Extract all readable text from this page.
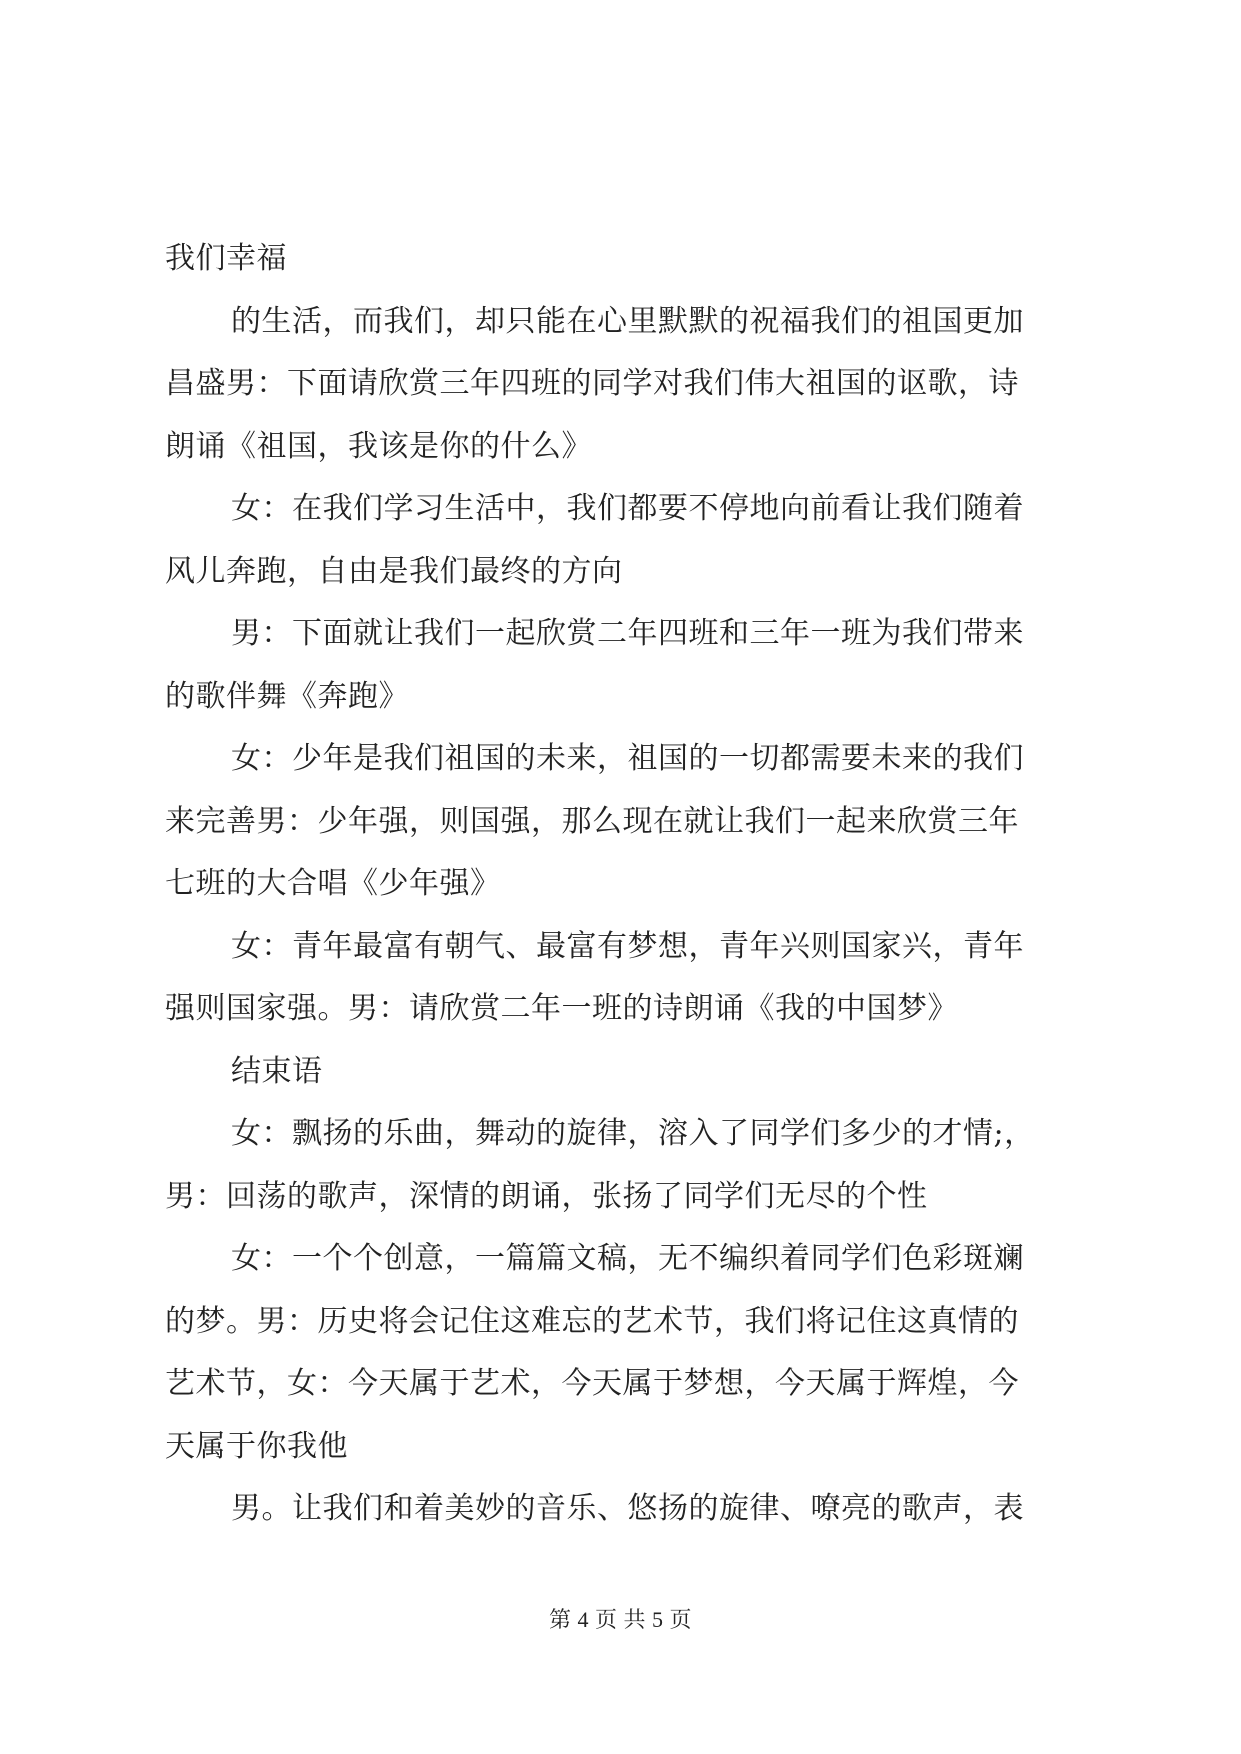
我们幸福

的生活，而我们，却只能在心里默默的祝福我们的祖国更加

昌盛男：下面请欣赏三年四班的同学对我们伟大祖国的讴歌，诗

朗诵《祖国，我该是你的什么》

女：在我们学习生活中，我们都要不停地向前看让我们随着

风儿奔跑，自由是我们最终的方向

男：下面就让我们一起欣赏二年四班和三年一班为我们带来

的歌伴舞《奔跑》

女：少年是我们祖国的未来，祖国的一切都需要未来的我们

来完善男：少年强，则国强，那么现在就让我们一起来欣赏三年

七班的大合唱《少年强》

女：青年最富有朝气、最富有梦想，青年兴则国家兴，青年

强则国家强。男：请欣赏二年一班的诗朗诵《我的中国梦》

结束语

女：飘扬的乐曲，舞动的旋律，溶入了同学们多少的才情;，

男：回荡的歌声，深情的朗诵，张扬了同学们无尽的个性

女：一个个创意，一篇篇文稿，无不编织着同学们色彩斑斓

的梦。男：历史将会记住这难忘的艺术节，我们将记住这真情的

艺术节，女：今天属于艺术，今天属于梦想，今天属于辉煌，今

天属于你我他

男。让我们和着美妙的音乐、悠扬的旋律、嘹亮的歌声，表

第 4 页 共 5 页
